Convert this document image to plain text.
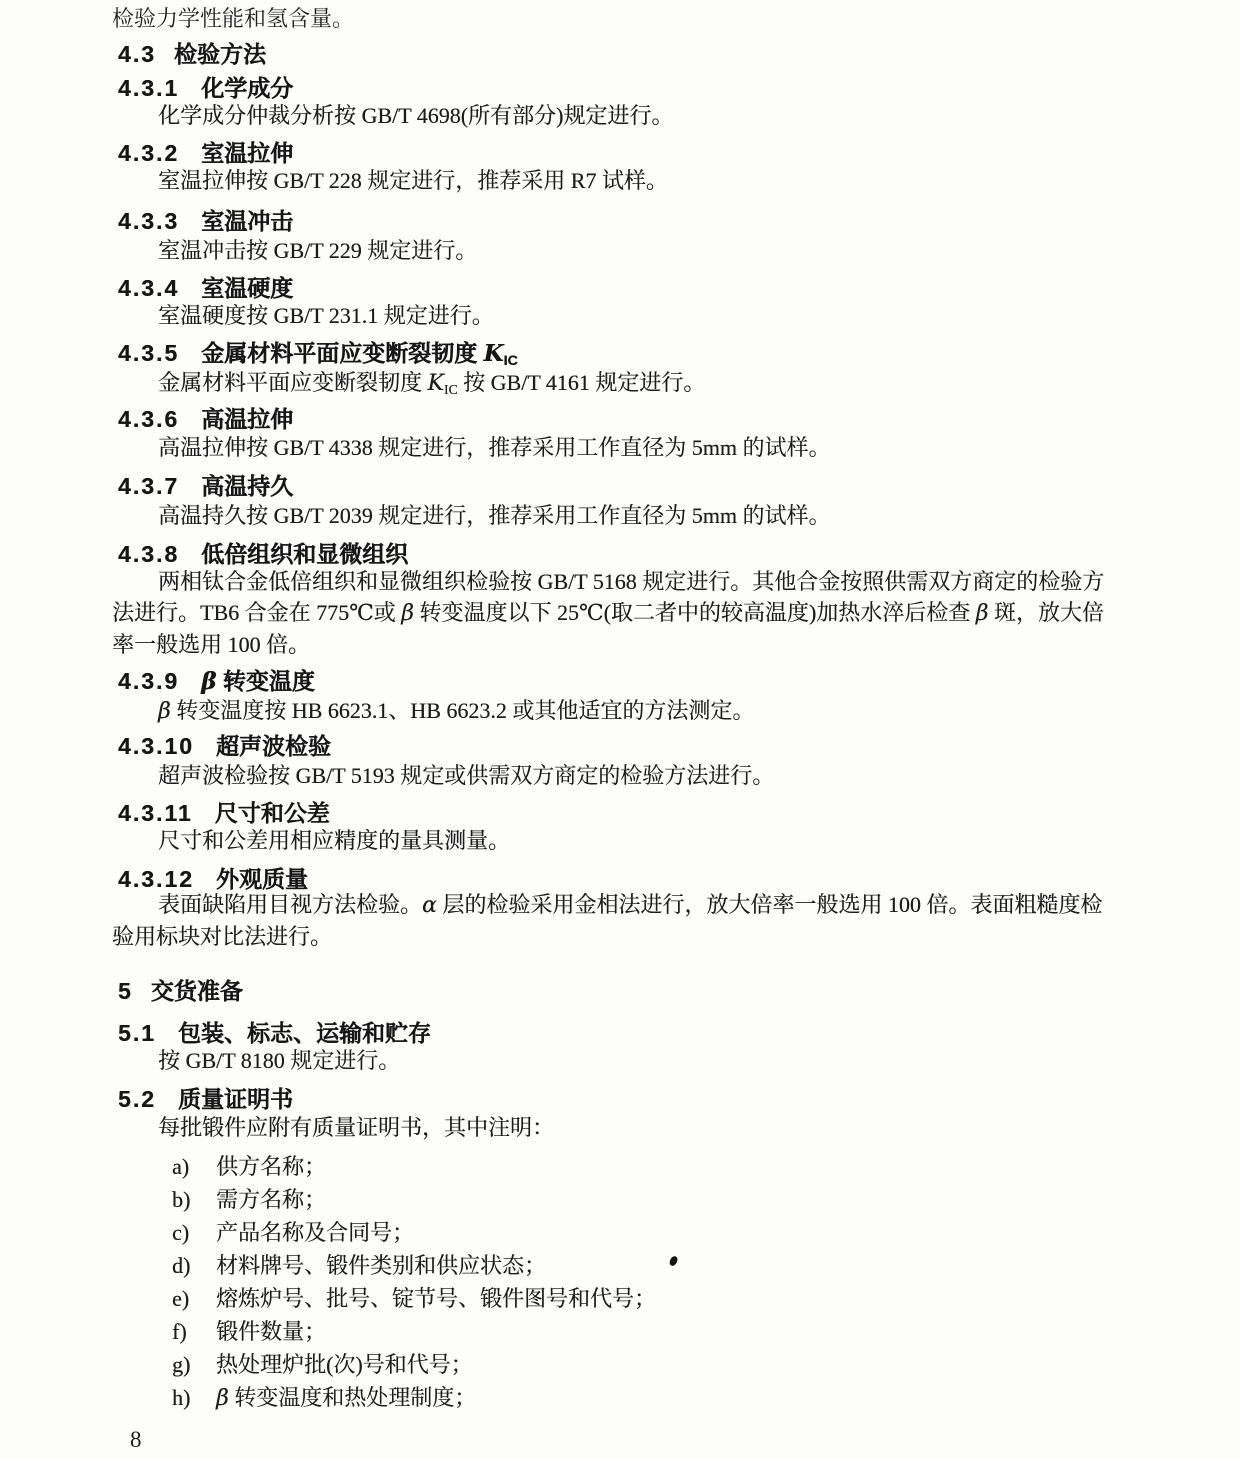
检验力学性能和氢含量。
4.3 检验方法
4.3.1 化学成分
化学成分仲裁分析按 GB/T 4698(所有部分)规定进行。
4.3.2 室温拉伸
室温拉伸按 GB/T 228 规定进行，推荐采用 R7 试样。
4.3.3 室温冲击
室温冲击按 GB/T 229 规定进行。
4.3.4 室温硬度
室温硬度按 GB/T 231.1 规定进行。
4.3.5 金属材料平面应变断裂韧度 $K_{IC}$
金属材料平面应变断裂韧度 $K_{IC}$ 按 GB/T 4161 规定进行。
4.3.6 高温拉伸
高温拉伸按 GB/T 4338 规定进行，推荐采用工作直径为 5mm 的试样。
4.3.7 高温持久
高温持久按 GB/T 2039 规定进行，推荐采用工作直径为 5mm 的试样。
4.3.8 低倍组织和显微组织
两相钛合金低倍组织和显微组织检验按 GB/T 5168 规定进行。其他合金按照供需双方商定的检验方
法进行。TB6 合金在 775℃或 β 转变温度以下 25℃(取二者中的较高温度)加热水淬后检查 β 斑，放大倍
率一般选用 100 倍。
4.3.9 β 转变温度
β 转变温度按 HB 6623.1、HB 6623.2 或其他适宜的方法测定。
4.3.10 超声波检验
超声波检验按 GB/T 5193 规定或供需双方商定的检验方法进行。
4.3.11 尺寸和公差
尺寸和公差用相应精度的量具测量。
4.3.12 外观质量
表面缺陷用目视方法检验。α 层的检验采用金相法进行，放大倍率一般选用 100 倍。表面粗糙度检
验用标块对比法进行。
5 交货准备
5.1 包装、标志、运输和贮存
按 GB/T 8180 规定进行。
5.2 质量证明书
每批锻件应附有质量证明书，其中注明：
a)	供方名称；
b)	需方名称；
c)	产品名称及合同号；
d)	材料牌号、锻件类别和供应状态；
e)	熔炼炉号、批号、锭节号、锻件图号和代号；
f)	锻件数量；
g)	热处理炉批(次)号和代号；
h)	β 转变温度和热处理制度；
8
